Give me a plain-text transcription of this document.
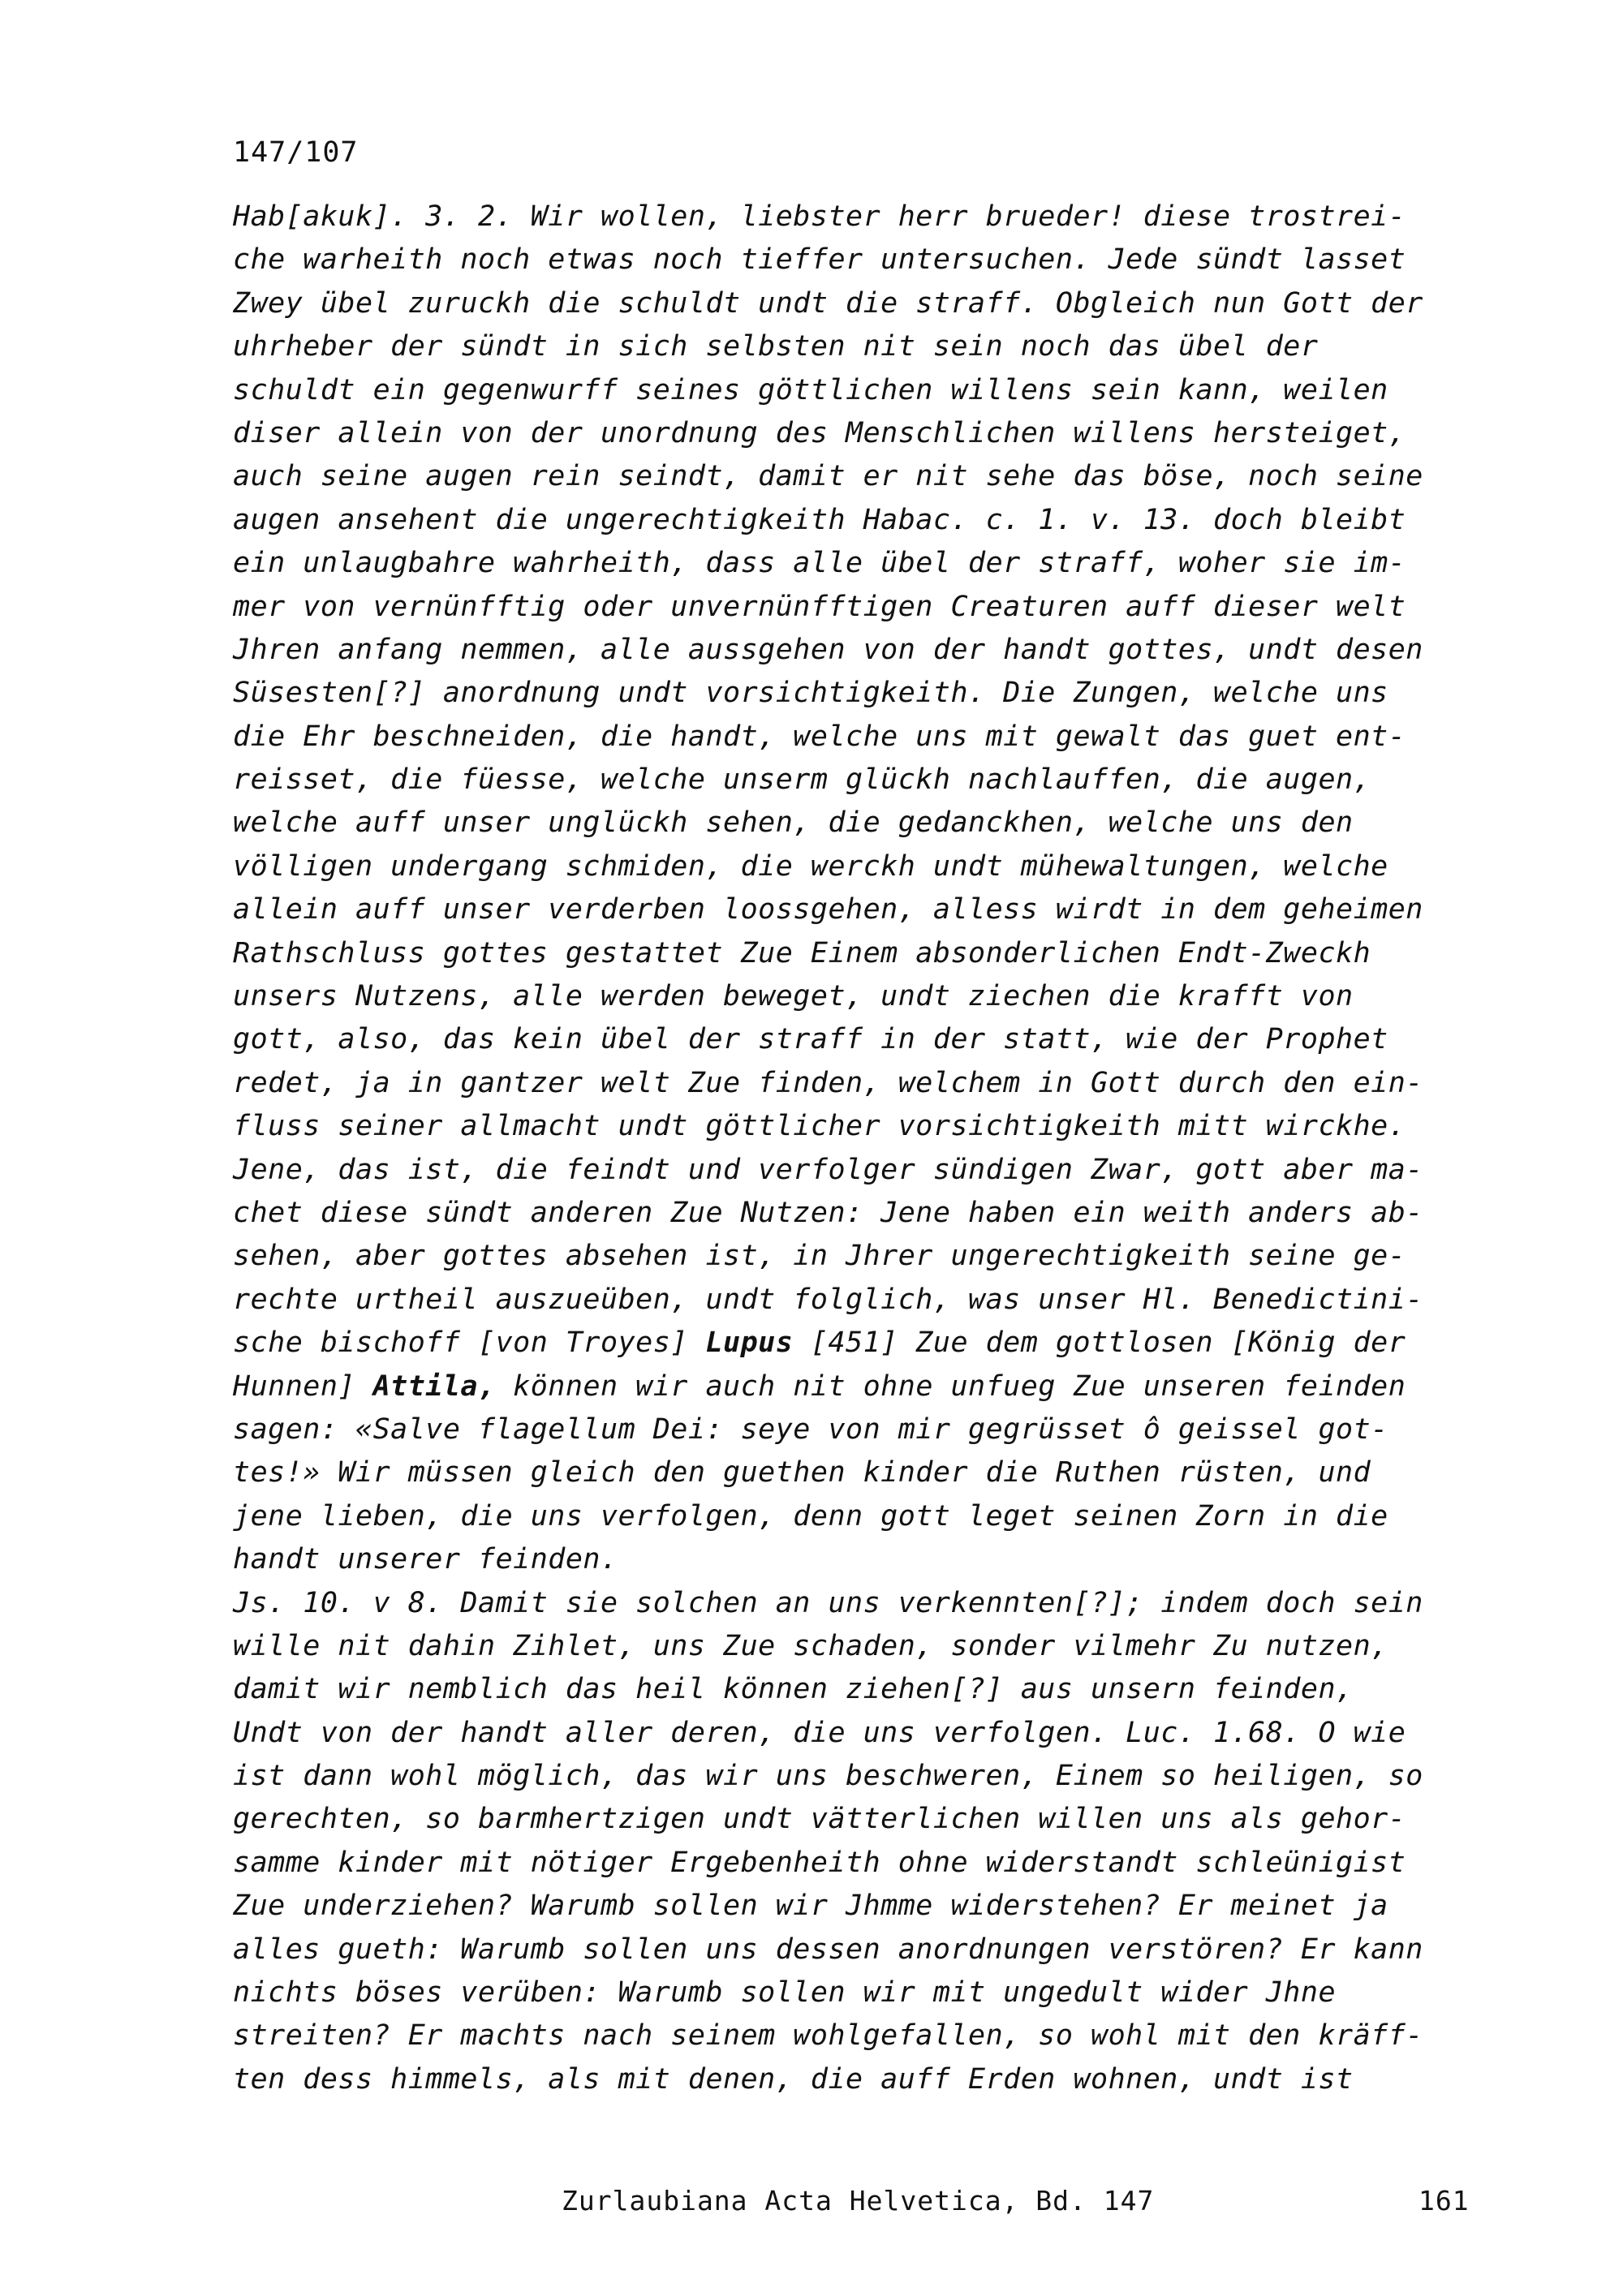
147/107
Hab[akuk]. 3. 2. Wir wollen, liebster herr brueder! diese trostrei-
che warheith noch etwas noch tieffer untersuchen. Jede sündt lasset
Zwey übel zuruckh die schuldt undt die straff. Obgleich nun Gott der
uhrheber der sündt in sich selbsten nit sein noch das übel der
schuldt ein gegenwurff seines göttlichen willens sein kann, weilen
diser allein von der unordnung des Menschlichen willens hersteiget,
auch seine augen rein seindt, damit er nit sehe das böse, noch seine
augen ansehent die ungerechtigkeith Habac. c. 1. v. 13. doch bleibt
ein unlaugbahre wahrheith, dass alle übel der straff, woher sie im-
mer von vernünfftig oder unvernünfftigen Creaturen auff dieser welt
Jhren anfang nemmen, alle aussgehen von der handt gottes, undt desen
Süsesten[?] anordnung undt vorsichtigkeith. Die Zungen, welche uns
die Ehr beschneiden, die handt, welche uns mit gewalt das guet ent-
reisset, die füesse, welche unserm glückh nachlauffen, die augen,
welche auff unser unglückh sehen, die gedanckhen, welche uns den
völligen undergang schmiden, die werckh undt mühewaltungen, welche
allein auff unser verderben loossgehen, alless wirdt in dem geheimen
Rathschluss gottes gestattet Zue Einem absonderlichen Endt-Zweckh
unsers Nutzens, alle werden beweget, undt ziechen die krafft von
gott, also, das kein übel der straff in der statt, wie der Prophet
redet, ja in gantzer welt Zue finden, welchem in Gott durch den ein-
fluss seiner allmacht undt göttlicher vorsichtigkeith mitt wirckhe.
Jene, das ist, die feindt und verfolger sündigen Zwar, gott aber ma-
chet diese sündt anderen Zue Nutzen: Jene haben ein weith anders ab-
sehen, aber gottes absehen ist, in Jhrer ungerechtigkeith seine ge-
rechte urtheil auszueüben, undt folglich, was unser Hl. Benedictini-
sche bischoff [von Troyes] Lupus [451] Zue dem gottlosen [König der
Hunnen] Attila, können wir auch nit ohne unfueg Zue unseren feinden
sagen: «Salve flagellum Dei: seye von mir gegrüsset ô geissel got-
tes!» Wir müssen gleich den guethen kinder die Ruthen rüsten, und
jene lieben, die uns verfolgen, denn gott leget seinen Zorn in die
handt unserer feinden.
Js. 10. v 8. Damit sie solchen an uns verkennten[?]; indem doch sein
wille nit dahin Zihlet, uns Zue schaden, sonder vilmehr Zu nutzen,
damit wir nemblich das heil können ziehen[?] aus unsern feinden,
Undt von der handt aller deren, die uns verfolgen. Luc. 1.68. O wie
ist dann wohl möglich, das wir uns beschweren, Einem so heiligen, so
gerechten, so barmhertzigen undt vätterlichen willen uns als gehor-
samme kinder mit nötiger Ergebenheith ohne widerstandt schleünigist
Zue underziehen? Warumb sollen wir Jhmme widerstehen? Er meinet ja
alles gueth: Warumb sollen uns dessen anordnungen verstören? Er kann
nichts böses verüben: Warumb sollen wir mit ungedult wider Jhne
streiten? Er machts nach seinem wohlgefallen, so wohl mit den kräff-
ten dess himmels, als mit denen, die auff Erden wohnen, undt ist
Zurlaubiana Acta Helvetica, Bd. 147	161
